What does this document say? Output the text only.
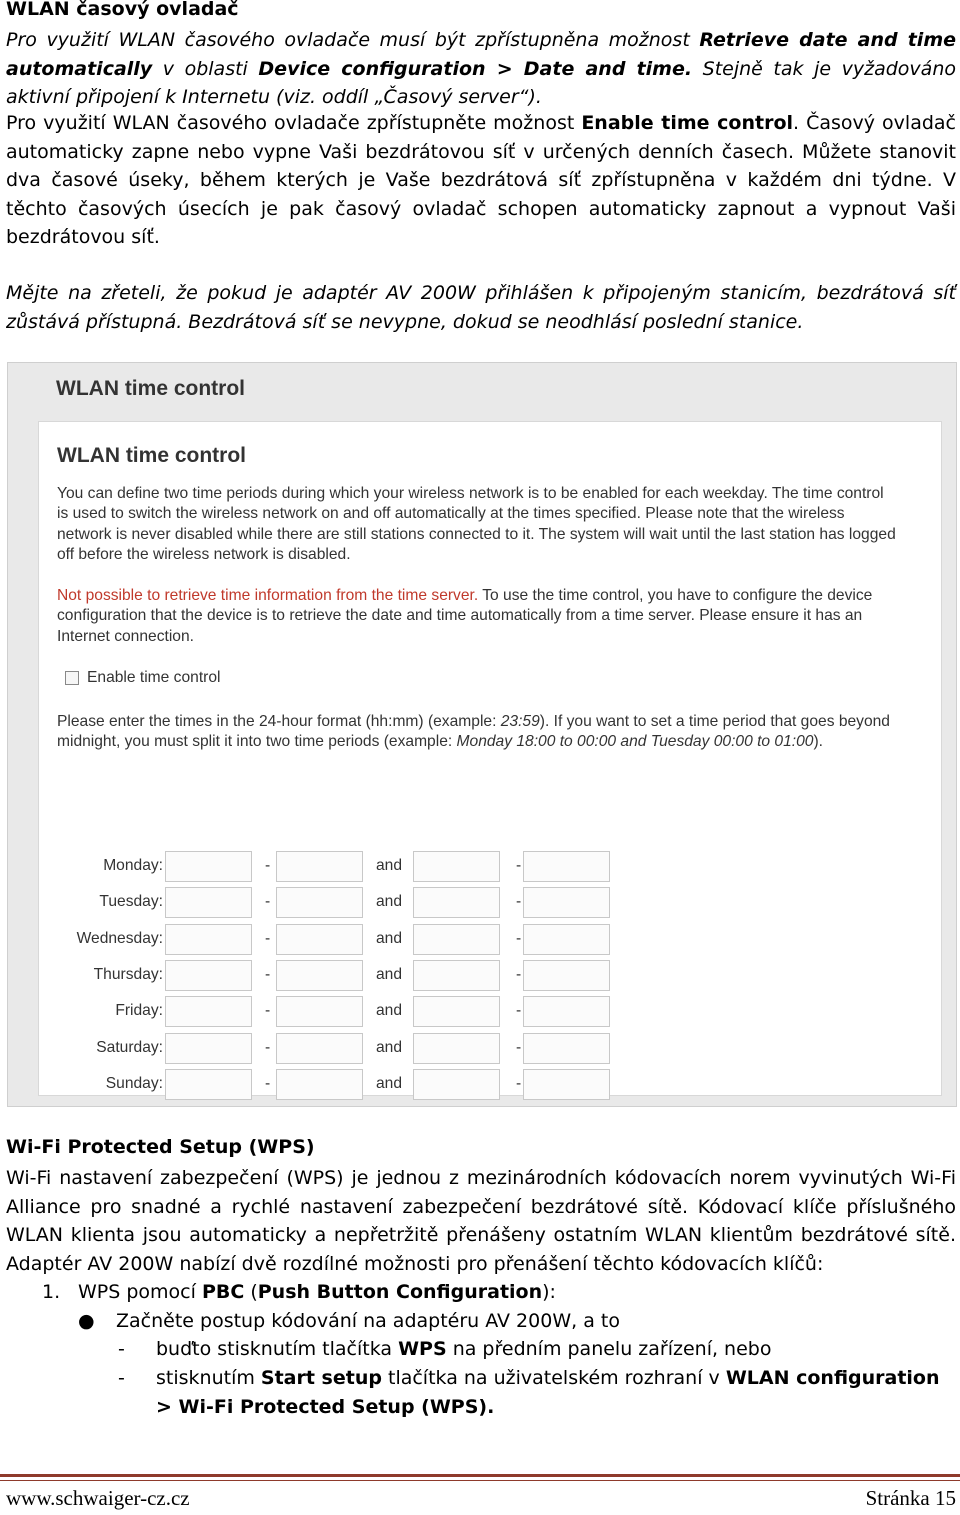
WLAN časový ovladač
Pro využití WLAN časového ovladače musí být zpřístupněna možnost Retrieve date and time automatically v oblasti Device configuration > Date and time. Stejně tak je vyžadováno aktivní připojení k Internetu (viz. oddíl „Časový server“).
Pro využití WLAN časového ovladače zpřístupněte možnost Enable time control. Časový ovladač automaticky zapne nebo vypne Vaši bezdrátovou síť v určených denních časech. Můžete stanovit dva časové úseky, během kterých je Vaše bezdrátová síť zpřístupněna v každém dni týdne. V těchto časových úsecích je pak časový ovladač schopen automaticky zapnout a vypnout Vaši bezdrátovou síť.
Mějte na zřeteli, že pokud je adaptér AV 200W přihlášen k připojeným stanicím, bezdrátová síť zůstává přístupná. Bezdrátová síť se nevypne, dokud se neodhlásí poslední stanice.
WLAN time control
WLAN time control
You can define two time periods during which your wireless network is to be enabled for each weekday. The time control is used to switch the wireless network on and off automatically at the times specified. Please note that the wireless network is never disabled while there are still stations connected to it. The system will wait until the last station has logged off before the wireless network is disabled.
Not possible to retrieve time information from the time server. To use the time control, you have to configure the device configuration that the device is to retrieve the date and time automatically from a time server. Please ensure it has an Internet connection.
Enable time control
Please enter the times in the 24-hour format (hh:mm) (example: 23:59). If you want to set a time period that goes beyond midnight, you must split it into two time periods (example: Monday 18:00 to 00:00 and Tuesday 00:00 to 01:00).
Monday:	-	and	-
Tuesday:	-	and	-
Wednesday:	-	and	-
Thursday:	-	and	-
Friday:	-	and	-
Saturday:	-	and	-
Sunday:	-	and	-
Wi-Fi Protected Setup (WPS)
Wi-Fi nastavení zabezpečení (WPS) je jednou z mezinárodních kódovacích norem vyvinutých Wi-Fi Alliance pro snadné a rychlé nastavení zabezpečení bezdrátové sítě. Kódovací klíče příslušného WLAN klienta jsou automaticky a nepřetržitě přenášeny ostatním WLAN klientům bezdrátové sítě. Adaptér AV 200W nabízí dvě rozdílné možnosti pro přenášení těchto kódovacích klíčů:
1. WPS pomocí PBC (Push Button Configuration):
● Začněte postup kódování na adaptéru AV 200W, a to
- buďto stisknutím tlačítka WPS na předním panelu zařízení, nebo
- stisknutím Start setup tlačítka na uživatelském rozhraní v WLAN configuration > Wi-Fi Protected Setup (WPS).
www.schwaiger-cz.cz	Stránka 15
